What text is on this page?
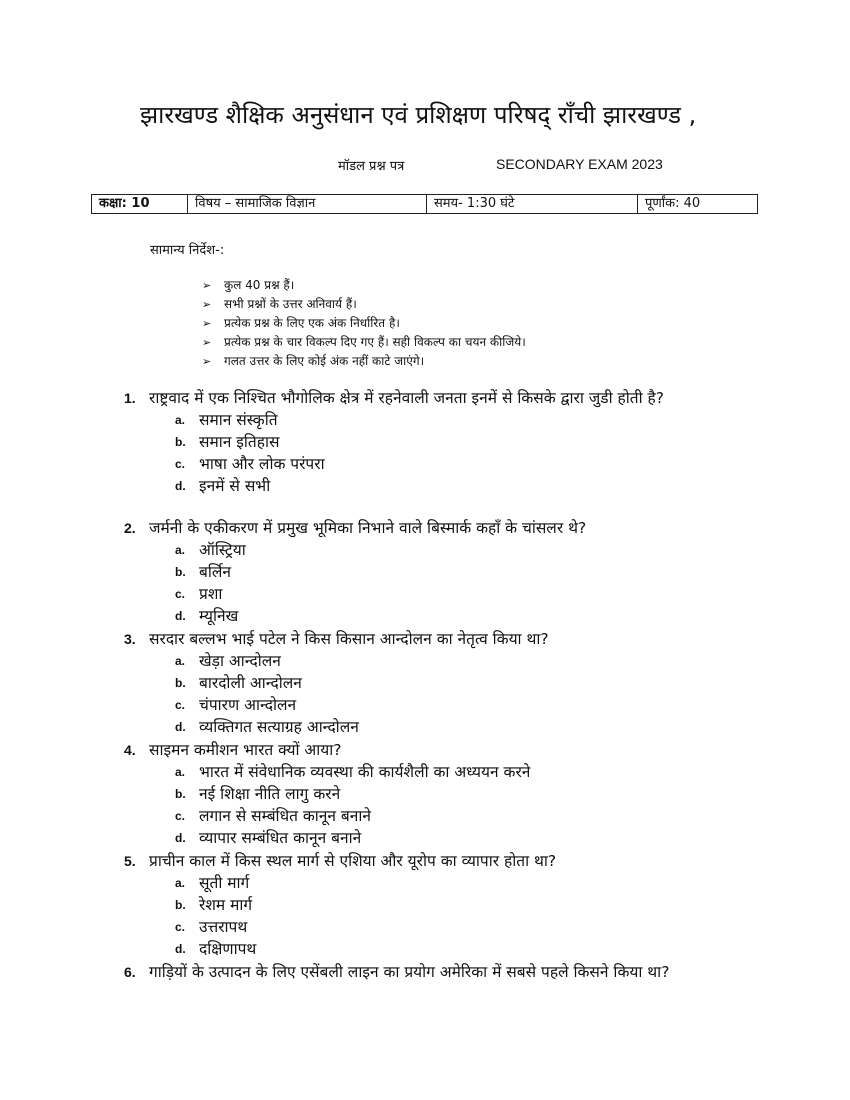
झारखण्ड शैक्षिक अनुसंधान एवं प्रशिक्षण परिषद् राँची झारखण्ड ,
मॉडल प्रश्न पत्र	SECONDARY EXAM 2023
कक्षा: 10	विषय – सामाजिक विज्ञान	समय- 1:30 घंटे	पूर्णांक: 40
सामान्य निर्देश-:
➢ कुल 40 प्रश्न हैं।
➢ सभी प्रश्नों के उत्तर अनिवार्य हैं।
➢ प्रत्येक प्रश्न के लिए एक अंक निर्धारित है।
➢ प्रत्येक प्रश्न के चार विकल्प दिए गए हैं। सही विकल्प का चयन कीजिये।
➢ गलत उत्तर के लिए कोई अंक नहीं काटे जाएंगे।
1. राष्ट्रवाद में एक निश्चित भौगोलिक क्षेत्र में रहनेवाली जनता इनमें से किसके द्वारा जुडी होती है?
a. समान संस्कृति
b. समान इतिहास
c. भाषा और लोक परंपरा
d. इनमें से सभी
2. जर्मनी के एकीकरण में प्रमुख भूमिका निभाने वाले बिस्मार्क कहाँ के चांसलर थे?
a. ऑस्ट्रिया
b. बर्लिन
c. प्रशा
d. म्यूनिख
3. सरदार बल्लभ भाई पटेल ने किस किसान आन्दोलन का नेतृत्व किया था?
a. खेड़ा आन्दोलन
b. बारदोली आन्दोलन
c. चंपारण आन्दोलन
d. व्यक्तिगत सत्याग्रह आन्दोलन
4. साइमन कमीशन भारत क्यों आया?
a. भारत में संवेधानिक व्यवस्था की कार्यशैली का अध्ययन करने
b. नई शिक्षा नीति लागु करने
c. लगान से सम्बंधित कानून बनाने
d. व्यापार सम्बंधित कानून बनाने
5. प्राचीन काल में किस स्थल मार्ग से एशिया और यूरोप का व्यापार होता था?
a. सूती मार्ग
b. रेशम मार्ग
c. उत्तरापथ
d. दक्षिणापथ
6. गाड़ियों के उत्पादन के लिए एसेंबली लाइन का प्रयोग अमेरिका में सबसे पहले किसने किया था?
